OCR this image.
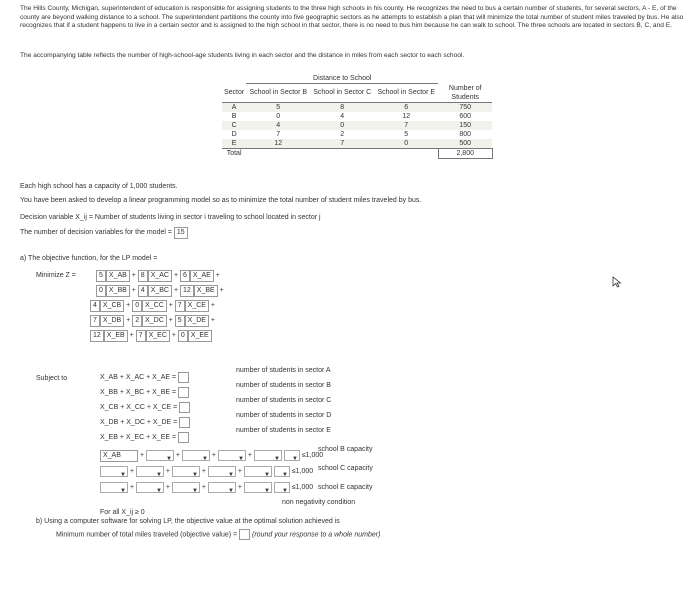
The Hills County, Michigan, superintendent of education is responsible for assigning students to the three high schools in his county. He recognizes the need to bus a certain number of students, for several sectors, A - E, of the county are beyond walking distance to a school. The superintendent partitions the county into five geographic sectors as he attempts to establish a plan that will minimize the total number of student miles traveled by bus. He also recognizes that if a student happens to live in a certain sector and is assigned to the high school in that sector, there is no need to bus him because he can walk to school. The three schools are located in sectors B, C, and E.
The accompanying table reflects the number of high-school-age students living in each sector and the distance in miles from each sector to each school.
	Distance to School			
Sector	School in Sector B	School in Sector C	School in Sector E	Number of Students
A	5	8	6	750
B	0	4	12	600
C	4	0	7	150
D	7	2	5	800
E	12	7	0	500
Total				2,800
Each high school has a capacity of 1,000 students.
You have been asked to develop a linear programming model so as to minimize the total number of student miles traveled by bus.
Decision variable X_ij = Number of students living in sector i traveling to school located in sector j
The number of decision variables for the model = 15
a) The objective function, for the LP model =
Minimize Z =	5 X_AB + 8 X_AC + 6 X_AE +
0 X_BB + 4 X_BC + 12 X_BE +
4 X_CB + 0 X_CC + 7 X_CE +
7 X_DB + 2 X_DC + 5 X_DE +
12 X_EB + 7 X_EC + 0 X_EE
Subject to	X_AB + X_AC + X_AE =
X_BB + X_BC + X_BE =
X_CB + X_CC + X_CE =
X_DB + X_DC + X_DE =
X_EB + X_EC + X_EE =
number of students in sector A
number of students in sector B
number of students in sector C
number of students in sector D
number of students in sector E
X_AB +	▼ +	▼ +	▼ +	▼
▼ ≤1,000
▼ +	▼ +	▼ +	▼ +	▼
▼ ≤1,000
▼ +	▼ +	▼ +	▼ +	▼
▼ ≤1,000
school B capacity
school C capacity
school E capacity
non negativity condition
For all X_ij ≥ 0
b) Using a computer software for solving LP, the objective value at the optimal solution achieved is
Minimum number of total miles traveled (objective value) = (round your response to a whole number)
